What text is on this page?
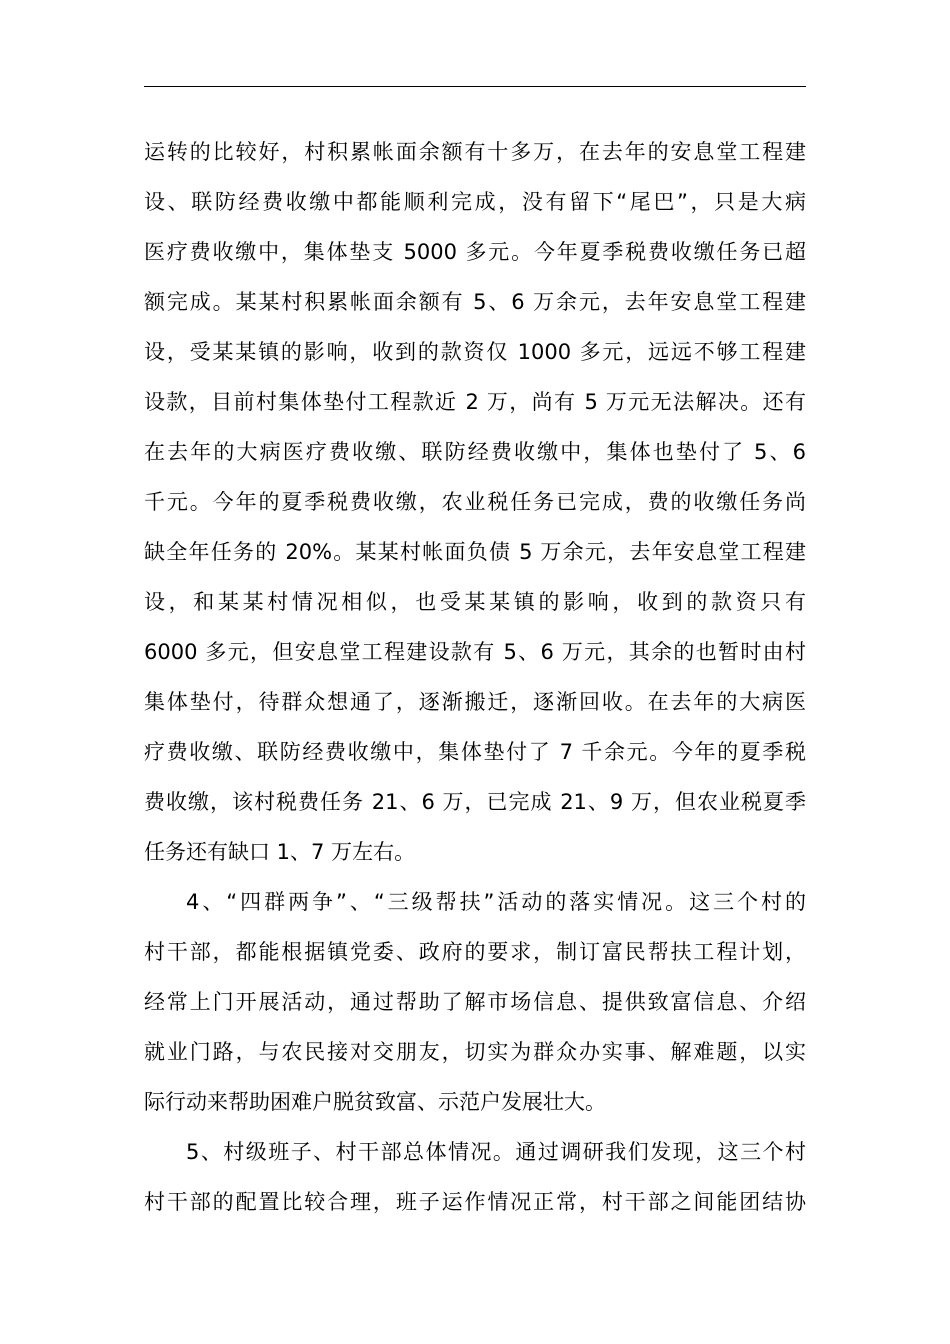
运转的比较好，村积累帐面余额有十多万，在去年的安息堂工程建
设、联防经费收缴中都能顺利完成，没有留下“尾巴”，只是大病
医疗费收缴中，集体垫支 5000 多元。今年夏季税费收缴任务已超
额完成。某某村积累帐面余额有 5、6 万余元，去年安息堂工程建
设，受某某镇的影响，收到的款资仅 1000 多元，远远不够工程建
设款，目前村集体垫付工程款近 2 万，尚有 5 万元无法解决。还有
在去年的大病医疗费收缴、联防经费收缴中，集体也垫付了 5、6
千元。今年的夏季税费收缴，农业税任务已完成，费的收缴任务尚
缺全年任务的 20%。某某村帐面负债 5 万余元，去年安息堂工程建
设，和某某村情况相似，也受某某镇的影响，收到的款资只有
6000 多元，但安息堂工程建设款有 5、6 万元，其余的也暂时由村
集体垫付，待群众想通了，逐渐搬迁，逐渐回收。在去年的大病医
疗费收缴、联防经费收缴中，集体垫付了 7 千余元。今年的夏季税
费收缴，该村税费任务 21、6 万，已完成 21、9 万，但农业税夏季
任务还有缺口 1、7 万左右。
4、“四群两争”、“三级帮扶”活动的落实情况。这三个村的
村干部，都能根据镇党委、政府的要求，制订富民帮扶工程计划，
经常上门开展活动，通过帮助了解市场信息、提供致富信息、介绍
就业门路，与农民接对交朋友，切实为群众办实事、解难题，以实
际行动来帮助困难户脱贫致富、示范户发展壮大。
5、村级班子、村干部总体情况。通过调研我们发现，这三个村
村干部的配置比较合理，班子运作情况正常，村干部之间能团结协
